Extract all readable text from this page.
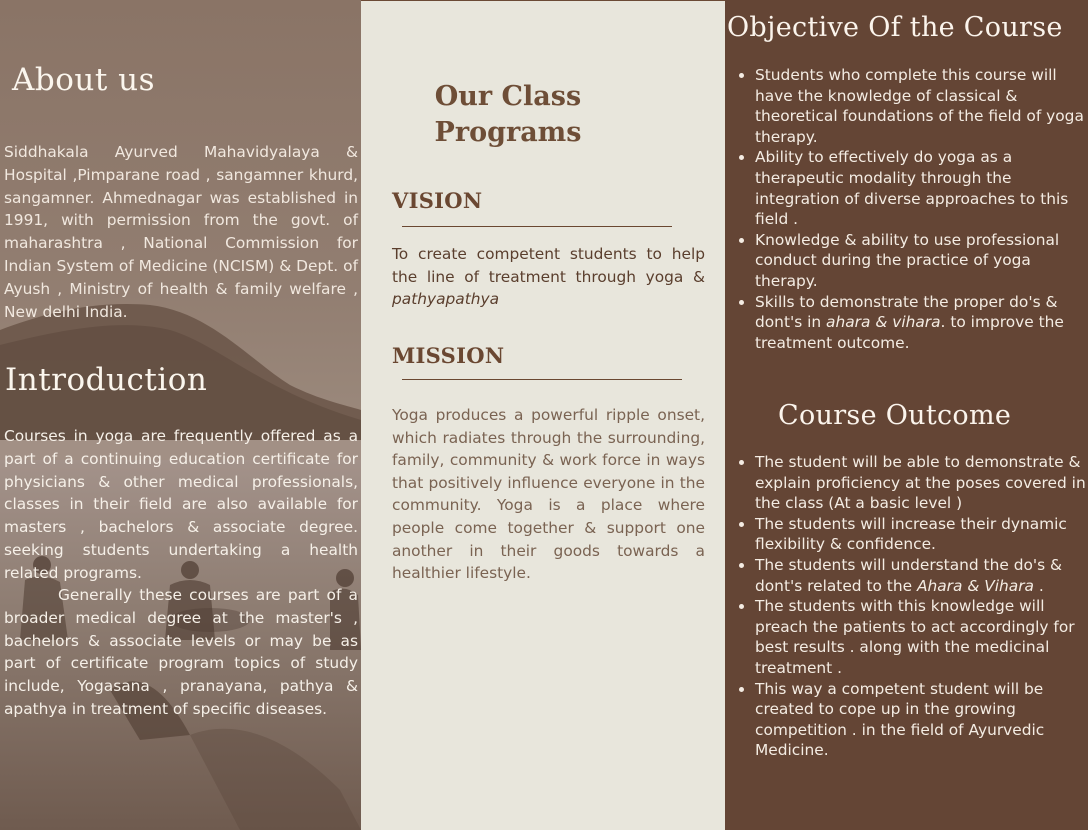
About us

Siddhakala Ayurved Mahavidyalaya & Hospital ,Pimparane road , sangamner khurd, sangamner. Ahmednagar was established in 1991, with permission from the govt. of maharashtra , National Commission for Indian System of Medicine (NCISM) & Dept. of Ayush , Ministry of health & family welfare , New delhi India.

Introduction

Courses in yoga are frequently offered as a part of a continuing education certificate for physicians & other medical professionals, classes in their field are also available for masters , bachelors & associate degree. seeking students undertaking a health related programs.

Generally these courses are part of a broader medical degree at the master's , bachelors & associate levels or may be as part of certificate program topics of study include, Yogasana , pranayana, pathya & apathya in treatment of specific diseases.

Our Class Programs
VISION

To create competent students to help the line of treatment through yoga & pathyapathya

MISSION

Yoga produces a powerful ripple onset, which radiates through the surrounding, family, community & work force in ways that positively influence everyone in the community. Yoga is a place where people come together & support one another in their goods towards a healthier lifestyle.

Objective Of the Course
• Students who complete this course will have the knowledge of classical & theoretical foundations of the field of yoga therapy.
• Ability to effectively do yoga as a therapeutic modality through the integration of diverse approaches to this field .
• Knowledge & ability to use professional conduct during the practice of yoga therapy.
• Skills to demonstrate the proper do's & dont's in ahara & vihara. to improve the treatment outcome.
Course Outcome
• The student will be able to demonstrate & explain proficiency at the poses covered in the class (At a basic level )
• The students will increase their dynamic flexibility & confidence.
• The students will understand the do's & dont's related to the Ahara & Vihara .
• The students with this knowledge will preach the patients to act accordingly for best results . along with the medicinal treatment .
• This way a competent student will be created to cope up in the growing competition . in the field of Ayurvedic Medicine.
